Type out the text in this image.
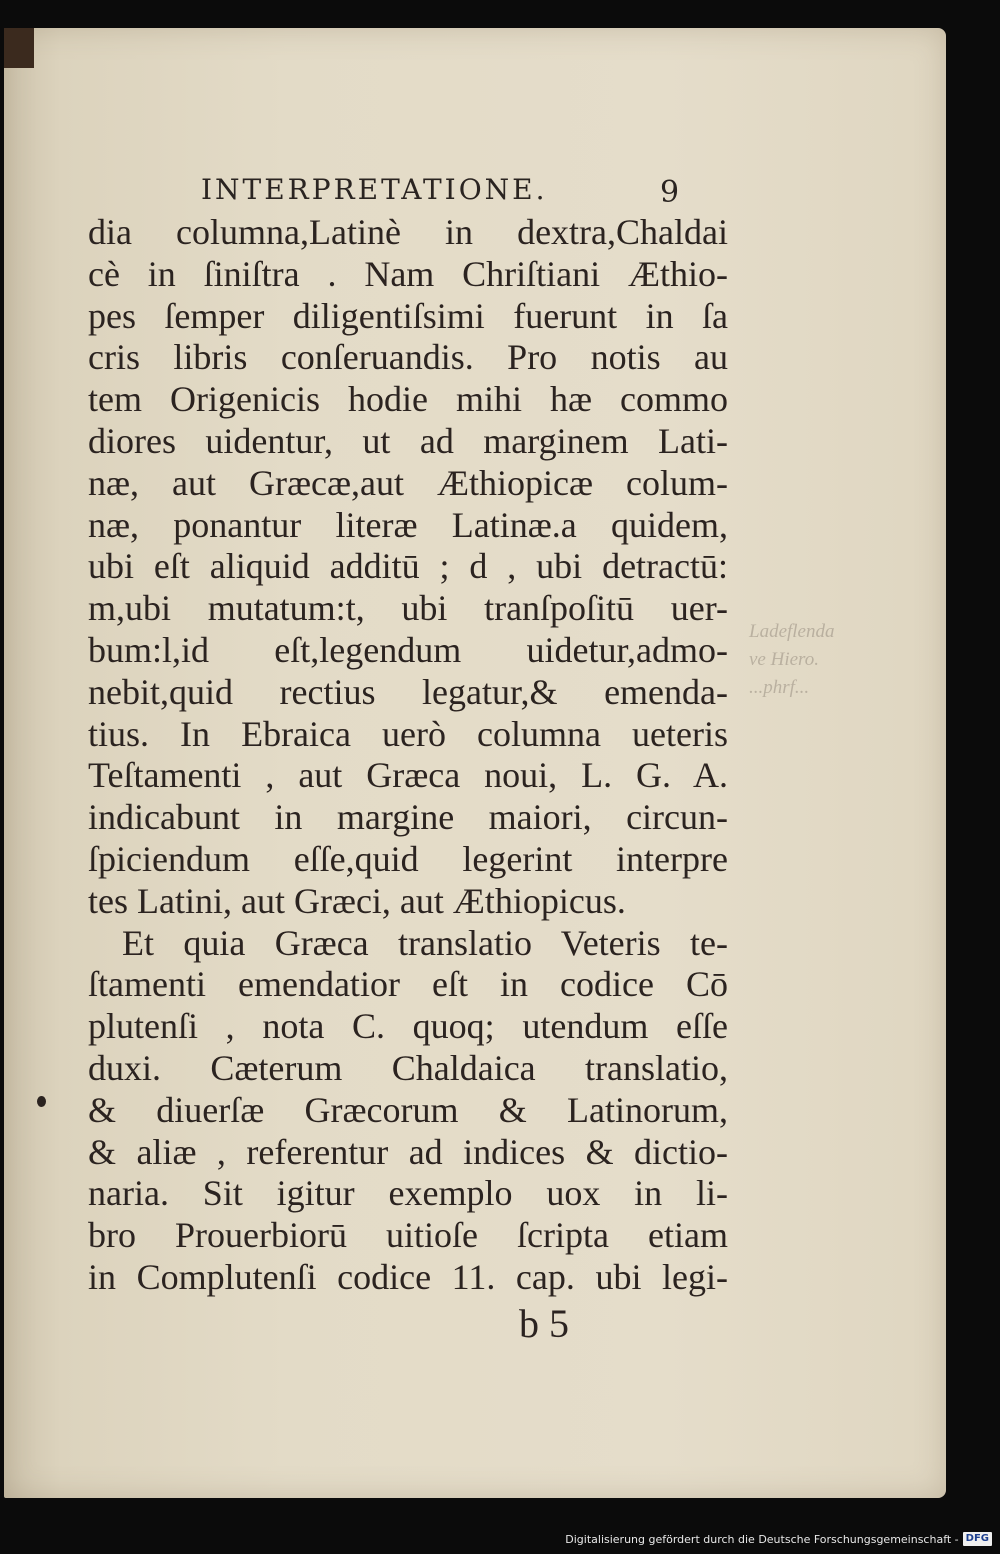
INTERPRETATIONE.	9
dia columna,Latinè in dextra,Chaldai
cè in ſiniſtra . Nam Chriſtiani Æthio-
pes ſemper diligentiſsimi fuerunt in ſa
cris libris conſeruandis. Pro notis au
tem Origenicis hodie mihi hæ commo
diores uidentur, ut ad marginem Lati-
næ, aut Græcæ,aut Æthiopicæ colum-
næ, ponantur literæ Latinæ.a quidem,
ubi eſt aliquid additū ; d , ubi detractū:
m,ubi mutatum:t, ubi tranſpoſitū uer-
bum:l,id eſt,legendum uidetur,admo-
nebit,quid rectius legatur,& emenda-
tius. In Ebraica uerò columna ueteris
Teſtamenti , aut Græca noui, L. G. A.
indicabunt in margine maiori, circun-
ſpiciendum eſſe,quid legerint interpre
tes Latini, aut Græci, aut Æthiopicus.
Et quia Græca translatio Veteris te-
ſtamenti emendatior eſt in codice Cō
plutenſi , nota C. quoq; utendum eſſe
duxi. Cæterum Chaldaica translatio,
& diuerſæ Græcorum & Latinorum,
& aliæ , referentur ad indices & dictio-
naria. Sit igitur exemplo uox in li-
bro Prouerbiorū uitioſe ſcripta etiam
in Complutenſi codice 11. cap. ubi legi-
Ladeflenda
ve Hiero.
...phrf...
b 5
Digitalisierung gefördert durch die Deutsche Forschungsgemeinschaft - DFG
